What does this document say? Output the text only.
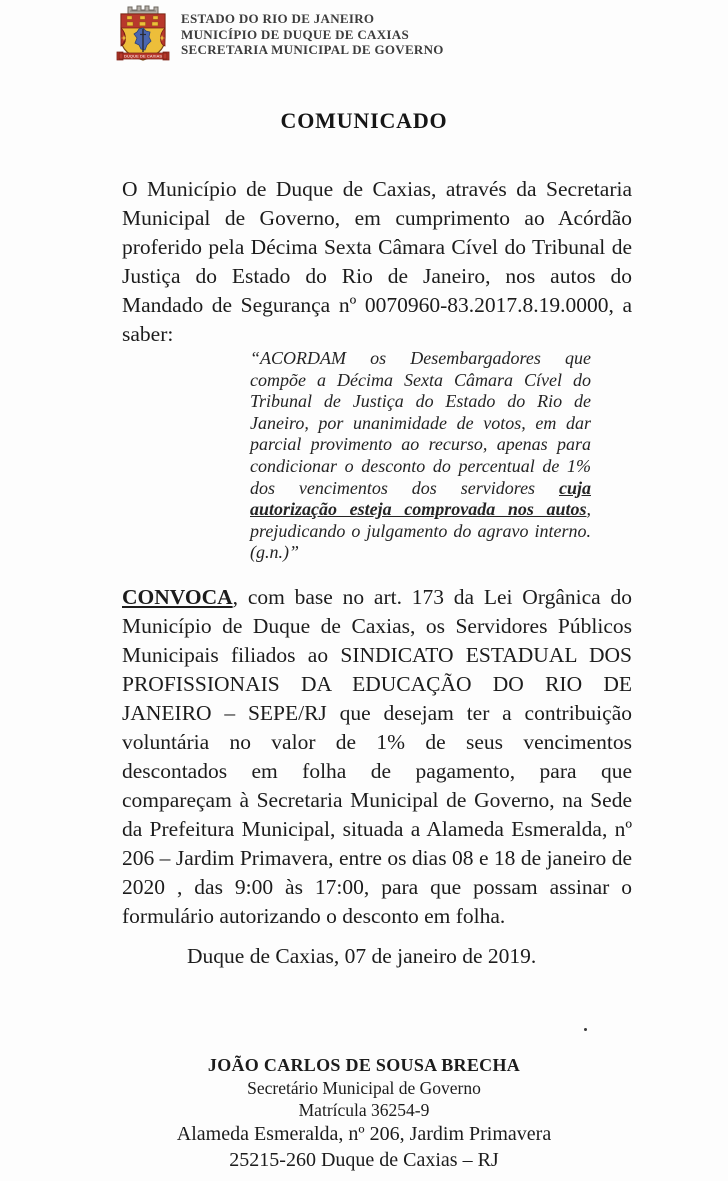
DUQUE DE CAXIAS
ESTADO DO RIO DE JANEIRO
MUNICÍPIO DE DUQUE DE CAXIAS
SECRETARIA MUNICIPAL DE GOVERNO
COMUNICADO

O Município de Duque de Caxias, através da Secretaria Municipal de Governo, em cumprimento ao Acórdão proferido pela Décima Sexta Câmara Cível do Tribunal de Justiça do Estado do Rio de Janeiro, nos autos do Mandado de Segurança nº 0070960-83.2017.8.19.0000, a saber:

“ACORDAM os Desembargadores que compõe a Décima Sexta Câmara Cível do Tribunal de Justiça do Estado do Rio de Janeiro, por unanimidade de votos, em dar parcial provimento ao recurso, apenas para condicionar o desconto do percentual de 1% dos vencimentos dos servidores cuja autorização esteja comprovada nos autos, prejudicando o julgamento do agravo interno. (g.n.)”

CONVOCA, com base no art. 173 da Lei Orgânica do Município de Duque de Caxias, os Servidores Públicos Municipais filiados ao SINDICATO ESTADUAL DOS PROFISSIONAIS DA EDUCAÇÃO DO RIO DE JANEIRO – SEPE/RJ que desejam ter a contribuição voluntária no valor de 1% de seus vencimentos descontados em folha de pagamento, para que compareçam à Secretaria Municipal de Governo, na Sede da Prefeitura Municipal, situada a Alameda Esmeralda, nº 206 – Jardim Primavera, entre os dias 08 e 18 de janeiro de 2020 , das 9:00 às 17:00, para que possam assinar o formulário autorizando o desconto em folha.

Duque de Caxias, 07 de janeiro de 2019.

JOÃO CARLOS DE SOUSA BRECHA
Secretário Municipal de Governo
Matrícula 36254-9
Alameda Esmeralda, nº 206, Jardim Primavera
25215-260 Duque de Caxias – RJ
